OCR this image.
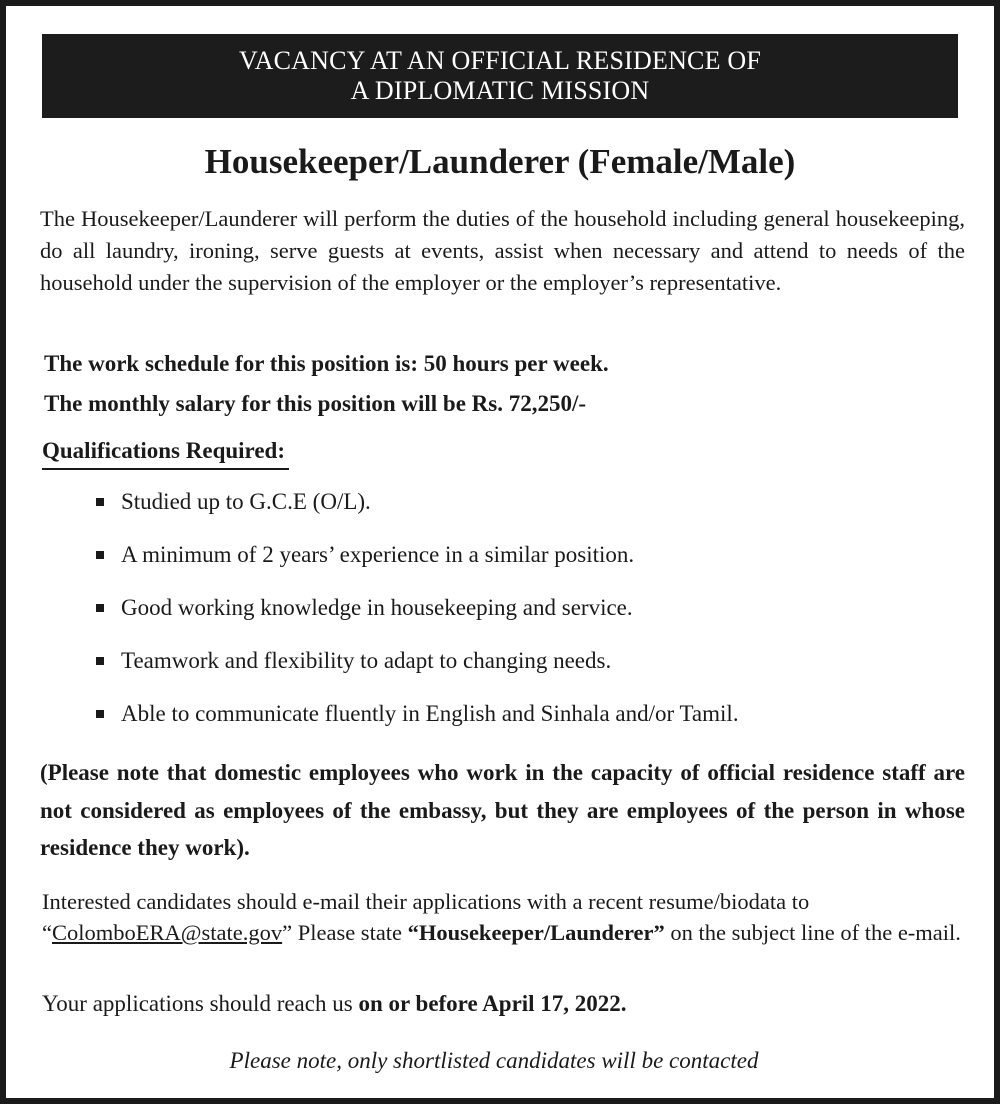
VACANCY AT AN OFFICIAL RESIDENCE OF
A DIPLOMATIC MISSION
Housekeeper/Launderer (Female/Male)
The Housekeeper/Launderer will perform the duties of the household including general housekeeping, do all laundry, ironing, serve guests at events, assist when necessary and attend to needs of the household under the supervision of the employer or the employer’s representative.
The work schedule for this position is: 50 hours per week.
The monthly salary for this position will be Rs. 72,250/-
Qualifications Required:
Studied up to G.C.E (O/L).
A minimum of 2 years’ experience in a similar position.
Good working knowledge in housekeeping and service.
Teamwork and flexibility to adapt to changing needs.
Able to communicate fluently in English and Sinhala and/or Tamil.
(Please note that domestic employees who work in the capacity of official residence staff are not considered as employees of the embassy, but they are employees of the person in whose residence they work).
Interested candidates should e-mail their applications with a recent resume/biodata to “ColomboERA@state.gov” Please state “Housekeeper/Launderer” on the subject line of the e-mail.
Your applications should reach us on or before April 17, 2022.
Please note, only shortlisted candidates will be contacted
